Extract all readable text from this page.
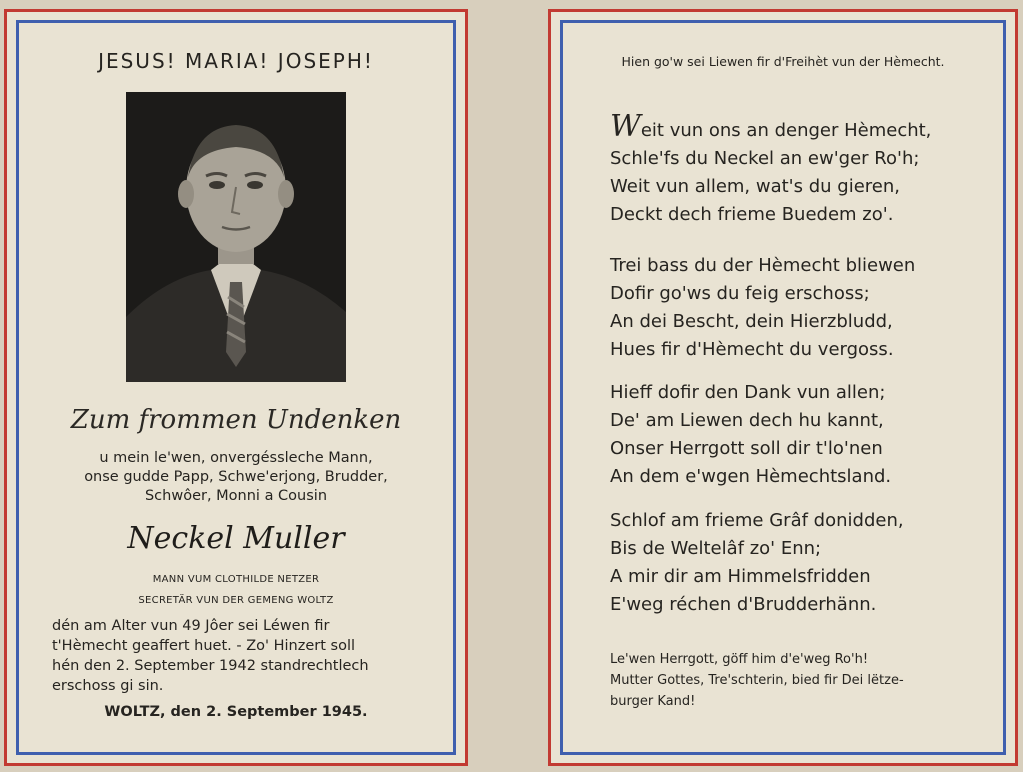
JESUS! MARIA! JOSEPH!
Zum frommen Undenken
u mein le'wen, onvergéssleche Mann,
onse gudde Papp, Schwe'erjong, Brudder,
Schwôer, Monni a Cousin
Neckel Muller
MANN VUM CLOTHILDE NETZER
SECRETÄR VUN DER GEMENG WOLTZ
dén am Alter vun 49 Jôer sei Léwen fir
t'Hèmecht geaffert huet. - Zo' Hinzert soll
hén den 2. September 1942 standrechtlech
erschoss gi sin.
WOLTZ, den 2. September 1945.
Hien go'w sei Liewen fir d'Freihèt vun der Hèmecht.
Weit vun ons an denger Hèmecht,
Schle'fs du Neckel an ew'ger Ro'h;
Weit vun allem, wat's du gieren,
Deckt dech frieme Buedem zo'.
Trei bass du der Hèmecht bliewen
Dofir go'ws du feig erschoss;
An dei Bescht, dein Hierzbludd,
Hues fir d'Hèmecht du vergoss.
Hieff dofir den Dank vun allen;
De' am Liewen dech hu kannt,
Onser Herrgott soll dir t'lo'nen
An dem e'wgen Hèmechtsland.
Schlof am frieme Grâf donidden,
Bis de Weltelâf zo' Enn;
A mir dir am Himmelsfridden
E'weg réchen d'Brudderhänn.
Le'wen Herrgott, göff him d'e'weg Ro'h!
Mutter Gottes, Tre'schterin, bied fir Dei lëtze-
burger Kand!
